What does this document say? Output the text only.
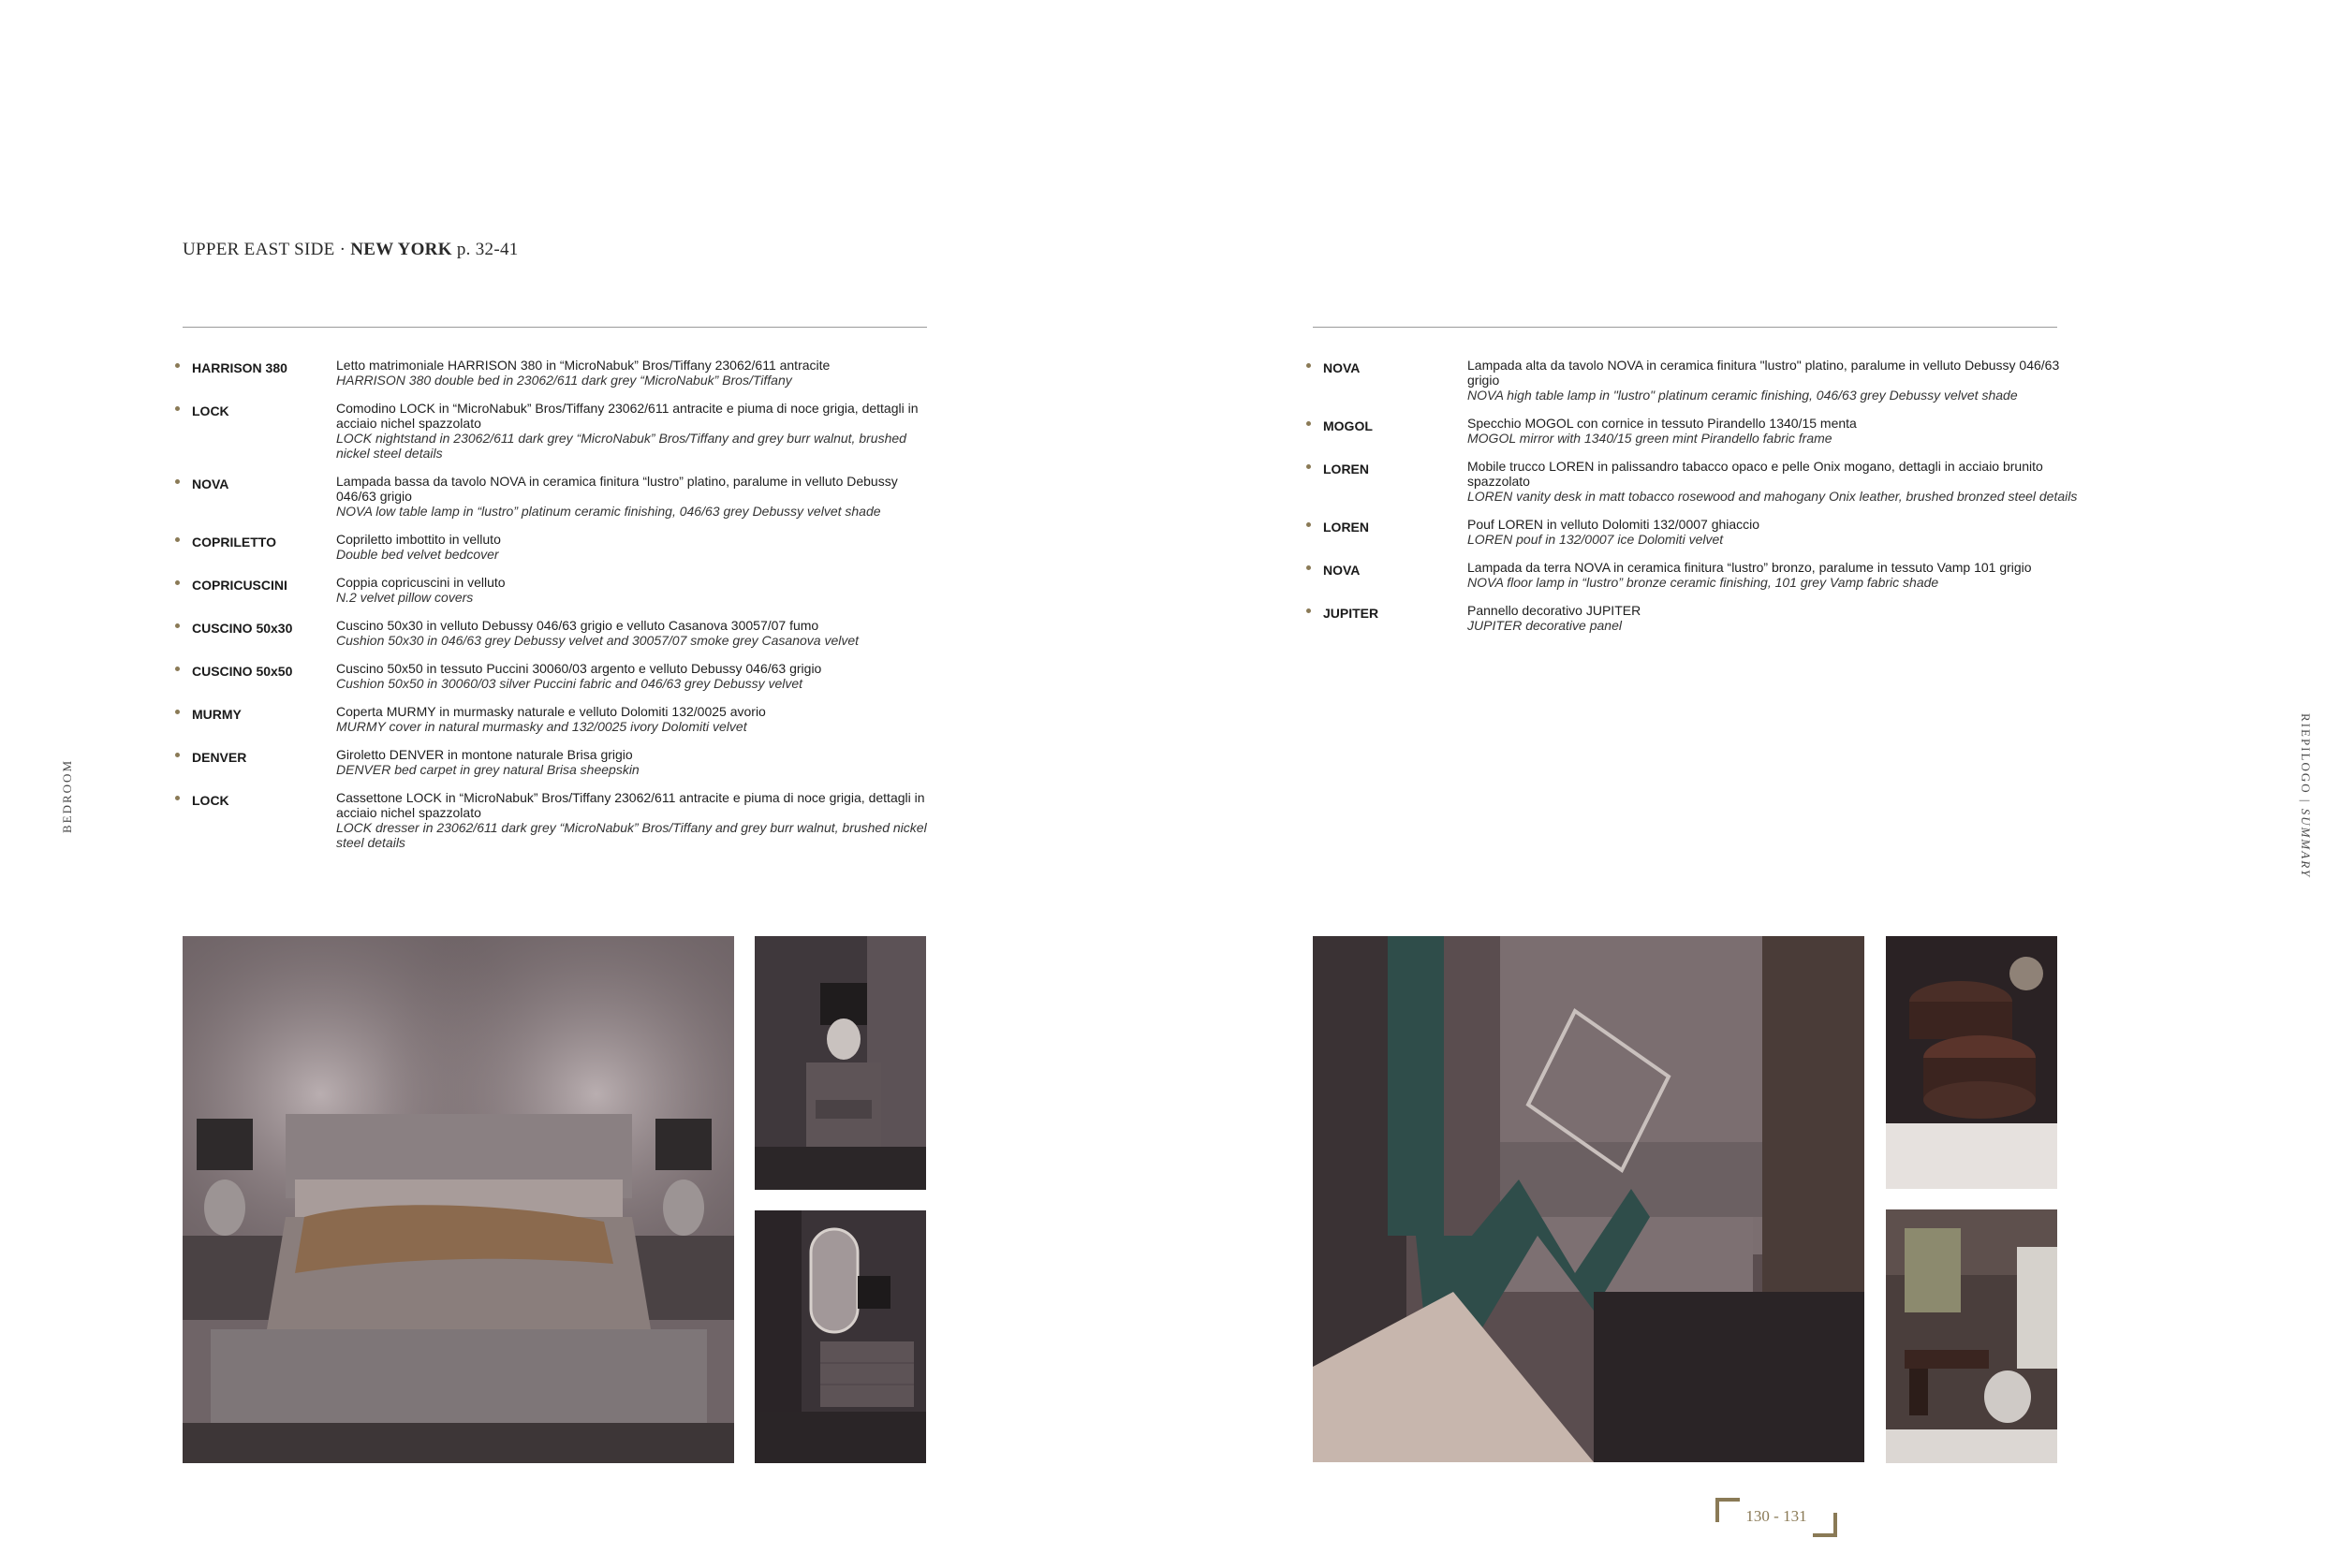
UPPER EAST SIDE · NEW YORK p. 32-41
HARRISON 380	Letto matrimoniale HARRISON 380 in “MicroNabuk” Bros/Tiffany 23062/611 antracite
HARRISON 380 double bed in 23062/611 dark grey “MicroNabuk” Bros/Tiffany
LOCK	Comodino LOCK in “MicroNabuk” Bros/Tiffany 23062/611 antracite e piuma di noce grigia, dettagli in acciaio nichel spazzolato
LOCK nightstand in 23062/611 dark grey “MicroNabuk” Bros/Tiffany and grey burr walnut, brushed nickel steel details
NOVA	Lampada bassa da tavolo NOVA in ceramica finitura “lustro” platino, paralume in velluto Debussy 046/63 grigio
NOVA low table lamp in “lustro” platinum ceramic finishing, 046/63 grey Debussy velvet shade
COPRILETTO	Copriletto imbottito in velluto
Double bed velvet bedcover
COPRICUSCINI	Coppia copricuscini in velluto
N.2 velvet pillow covers
CUSCINO 50x30	Cuscino 50x30 in velluto Debussy 046/63 grigio e velluto Casanova 30057/07 fumo
Cushion 50x30 in 046/63 grey Debussy velvet and 30057/07 smoke grey Casanova velvet
CUSCINO 50x50	Cuscino 50x50 in tessuto Puccini 30060/03 argento e velluto Debussy 046/63 grigio
Cushion 50x50 in 30060/03 silver Puccini fabric and 046/63 grey Debussy velvet
MURMY	Coperta MURMY in murmasky naturale e velluto Dolomiti 132/0025 avorio
MURMY cover in natural murmasky and 132/0025 ivory Dolomiti velvet
DENVER	Giroletto DENVER in montone naturale Brisa grigio
DENVER bed carpet in grey natural Brisa sheepskin
LOCK	Cassettone LOCK in “MicroNabuk” Bros/Tiffany 23062/611 antracite e piuma di noce grigia, dettagli in acciaio nichel spazzolato
LOCK dresser in 23062/611 dark grey “MicroNabuk” Bros/Tiffany and grey burr walnut, brushed nickel steel details
NOVA	Lampada alta da tavolo NOVA in ceramica finitura "lustro" platino, paralume in velluto Debussy 046/63 grigio
NOVA high table lamp in "lustro" platinum ceramic finishing, 046/63 grey Debussy velvet shade
MOGOL	Specchio MOGOL con cornice in tessuto Pirandello 1340/15 menta
MOGOL mirror with 1340/15 green mint Pirandello fabric frame
LOREN	Mobile trucco LOREN in palissandro tabacco opaco e pelle Onix mogano, dettagli in acciaio brunito spazzolato
LOREN vanity desk in matt tobacco rosewood and mahogany Onix leather, brushed bronzed steel details
LOREN	Pouf LOREN in velluto Dolomiti 132/0007 ghiaccio
LOREN pouf in 132/0007 ice Dolomiti velvet
NOVA	Lampada da terra NOVA in ceramica finitura “lustro” bronzo, paralume in tessuto Vamp 101 grigio
NOVA floor lamp in “lustro” bronze ceramic finishing, 101 grey Vamp fabric shade
JUPITER	Pannello decorativo JUPITER
JUPITER decorative panel
BEDROOM
RIEPILOGO | SUMMARY
130 - 131
